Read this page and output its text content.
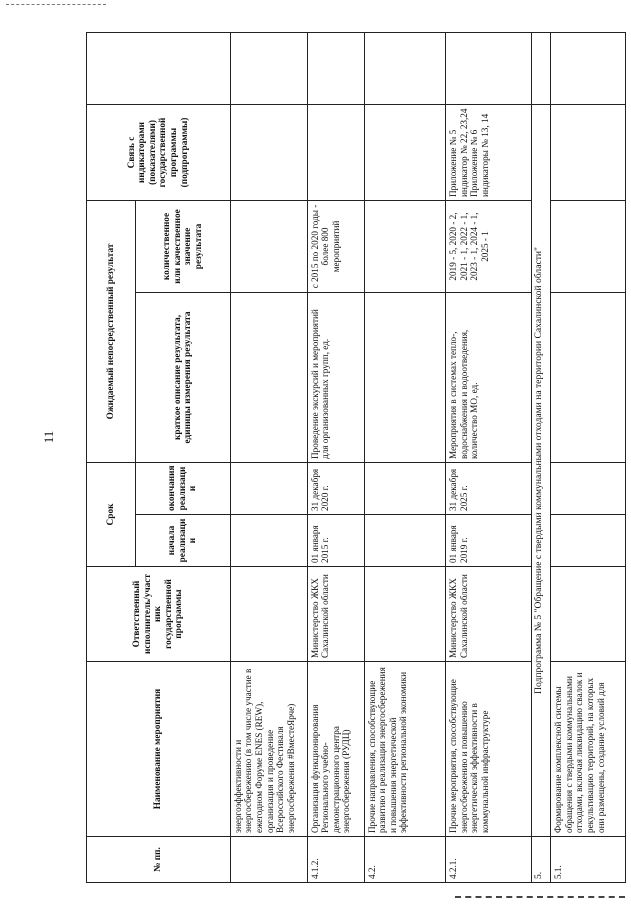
11
№ пп.	Наименование мероприятия	Ответственный исполнитель/участ ник государственной программы	Срок		Ожидаемый непосредственный результат		Связь с индикаторами (показателями) государственной программы (подпрограммы)	
			начала реализаци и	окончания реализаци и	краткое описание результата, единицы измерения результата	количественное или качественное значение результата		
	энергоэффективности и энергосбережению (в том числе участие в ежегодном Форуме ENES (REW), организация и проведение Всероссийского Фестиваля энергосбережения #ВместеЯрче)							
4.1.2.	Организация функционирования Регионального учебно-демонстрационного центра энергосбережения (РУДЦ)	Министерство ЖКХ Сахалинской области	01 января 2015 г.	31 декабря 2020 г.	Проведение экскурсий и мероприятий для организованных групп, ед.	с 2015 по 2020 годы - более 800 мероприятий		
4.2.	Прочие направления, способствующие развитию и реализации энергосбережения и повышения энергетической эффективности региональной экономики							
4.2.1.	Прочие мероприятия, способствующие энергосбережению и повышению энергетической эффективности в коммунальной инфраструктуре	Министерство ЖКХ Сахалинской области	01 января 2019 г.	31 декабря 2025 г.	Мероприятия в системах тепло-, водоснабжения и водоотведения, количество МО, ед.	2019 - 5, 2020 - 2, 2021 - 1, 2022 - 1, 2023 - 1, 2024 - 1, 2025 - 1	Приложение № 5 индикатор № 22, 23,24 Приложение № 6 индикаторы № 13, 14	
5.	Подпрограмма № 5 "Обращение с твердыми коммунальными отходами на территории Сахалинской области"							
5.1.	Формирование комплексной системы обращения с твердыми коммунальными отходами, включая ликвидацию свалок и рекультивацию территорий, на которых они размещены, создание условий для							
